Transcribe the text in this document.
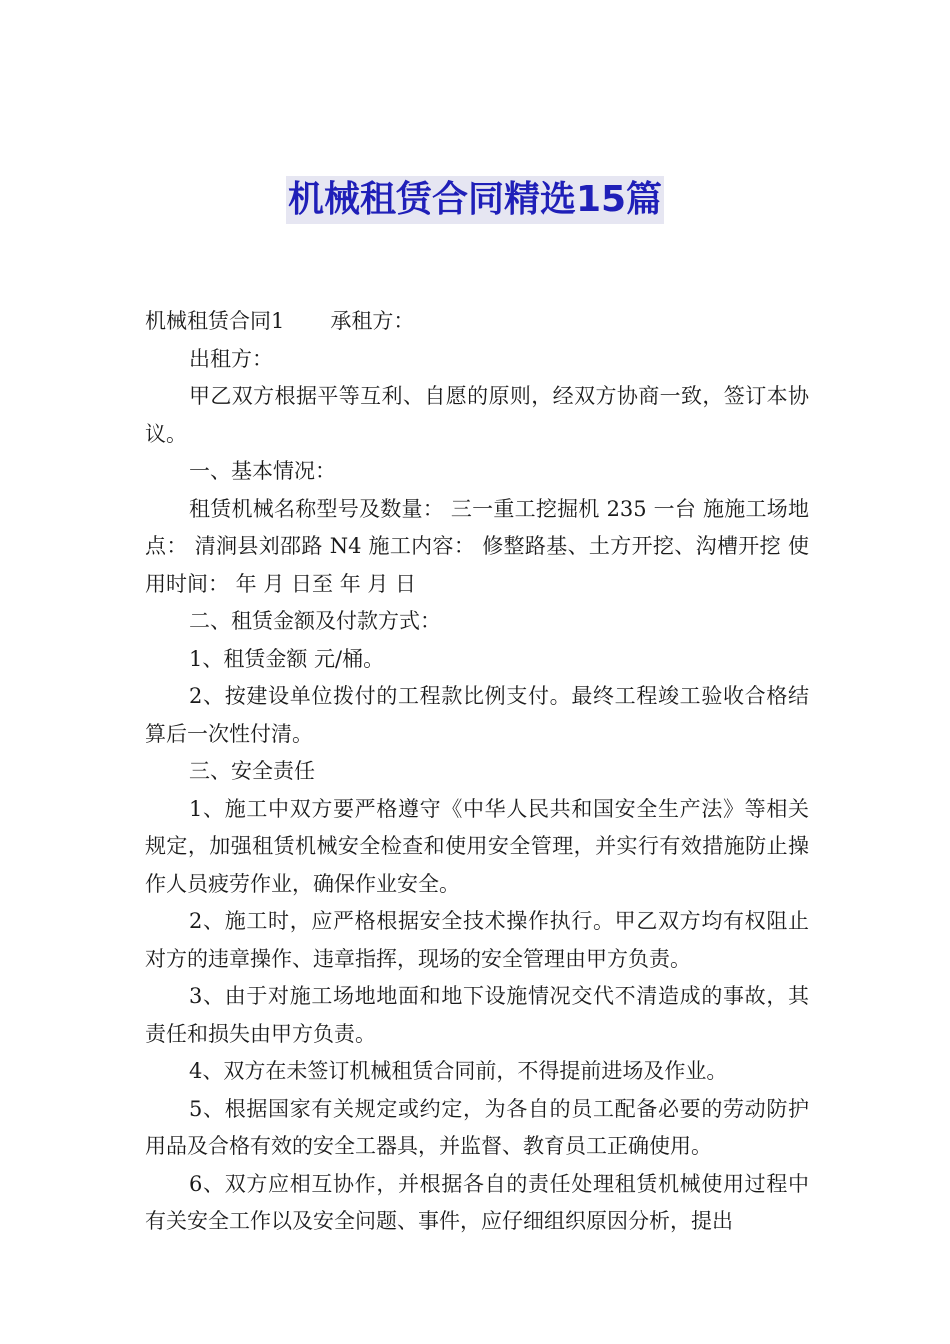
机械租赁合同精选15篇

机械租赁合同1 承租方：

出租方：

甲乙双方根据平等互利、自愿的原则，经双方协商一致，签订本协议。

一、基本情况：

租赁机械名称型号及数量： 三一重工挖掘机 235 一台 施施工场地点： 清涧县刘邵路 N4 施工内容： 修整路基、土方开挖、沟槽开挖 使用时间： 年 月 日至 年 月 日

二、租赁金额及付款方式：

1、租赁金额 元/桶。

2、按建设单位拨付的工程款比例支付。最终工程竣工验收合格结算后一次性付清。

三、安全责任

1、施工中双方要严格遵守《中华人民共和国安全生产法》等相关规定，加强租赁机械安全检查和使用安全管理，并实行有效措施防止操作人员疲劳作业，确保作业安全。

2、施工时，应严格根据安全技术操作执行。甲乙双方均有权阻止对方的违章操作、违章指挥，现场的安全管理由甲方负责。

3、由于对施工场地地面和地下设施情况交代不清造成的事故，其责任和损失由甲方负责。

4、双方在未签订机械租赁合同前，不得提前进场及作业。

5、根据国家有关规定或约定，为各自的员工配备必要的劳动防护用品及合格有效的安全工器具，并监督、教育员工正确使用。

6、双方应相互协作，并根据各自的责任处理租赁机械使用过程中有关安全工作以及安全问题、事件，应仔细组织原因分析，提出
